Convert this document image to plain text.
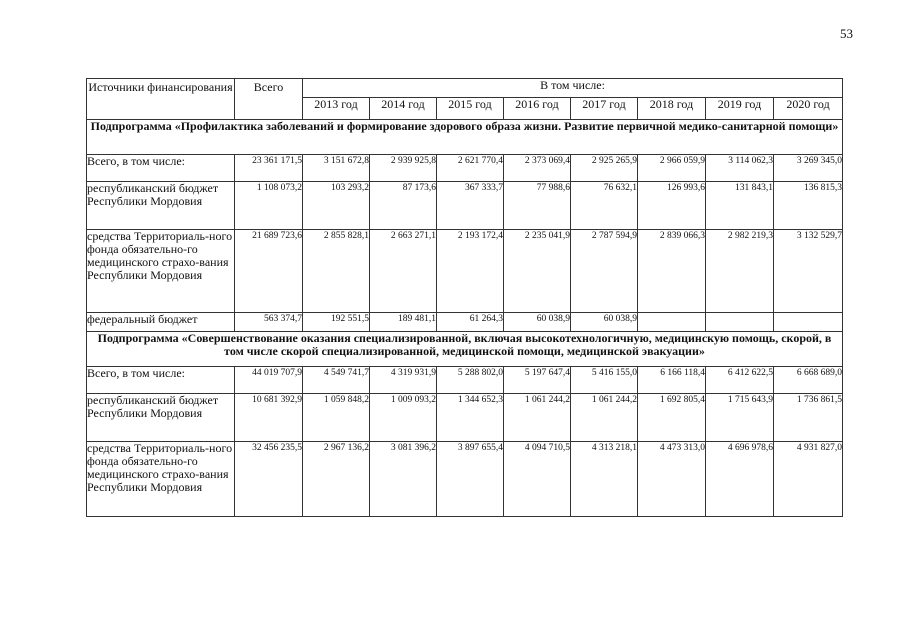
53
Источники финансирования	Всего	В том числе:							
		2013 год	2014 год	2015 год	2016 год	2017 год	2018 год	2019 год	2020 год
Подпрограмма «Профилактика заболеваний и формирование здорового образа жизни. Развитие первичной медико-санитарной помощи»									
Всего, в том числе:	23 361 171,5	3 151 672,8	2 939 925,8	2 621 770,4	2 373 069,4	2 925 265,9	2 966 059,9	3 114 062,3	3 269 345,0
республиканский бюджет Республики Мордовия	1 108 073,2	103 293,2	87 173,6	367 333,7	77 988,6	76 632,1	126 993,6	131 843,1	136 815,3
средства Территориаль-ного фонда обязательно-го медицинского страхо-вания Республики Мордовия	21 689 723,6	2 855 828,1	2 663 271,1	2 193 172,4	2 235 041,9	2 787 594,9	2 839 066,3	2 982 219,3	3 132 529,7
федеральный бюджет	563 374,7	192 551,5	189 481,1	61 264,3	60 038,9	60 038,9			
Подпрограмма «Совершенствование оказания специализированной, включая высокотехнологичную, медицинскую помощь, скорой, в том числе скорой специализированной, медицинской помощи, медицинской эвакуации»									
Всего, в том числе:	44 019 707,9	4 549 741,7	4 319 931,9	5 288 802,0	5 197 647,4	5 416 155,0	6 166 118,4	6 412 622,5	6 668 689,0
республиканский бюджет Республики Мордовия	10 681 392,9	1 059 848,2	1 009 093,2	1 344 652,3	1 061 244,2	1 061 244,2	1 692 805,4	1 715 643,9	1 736 861,5
средства Территориаль-ного фонда обязательно-го медицинского страхо-вания Республики Мордовия	32 456 235,5	2 967 136,2	3 081 396,2	3 897 655,4	4 094 710,5	4 313 218,1	4 473 313,0	4 696 978,6	4 931 827,0
